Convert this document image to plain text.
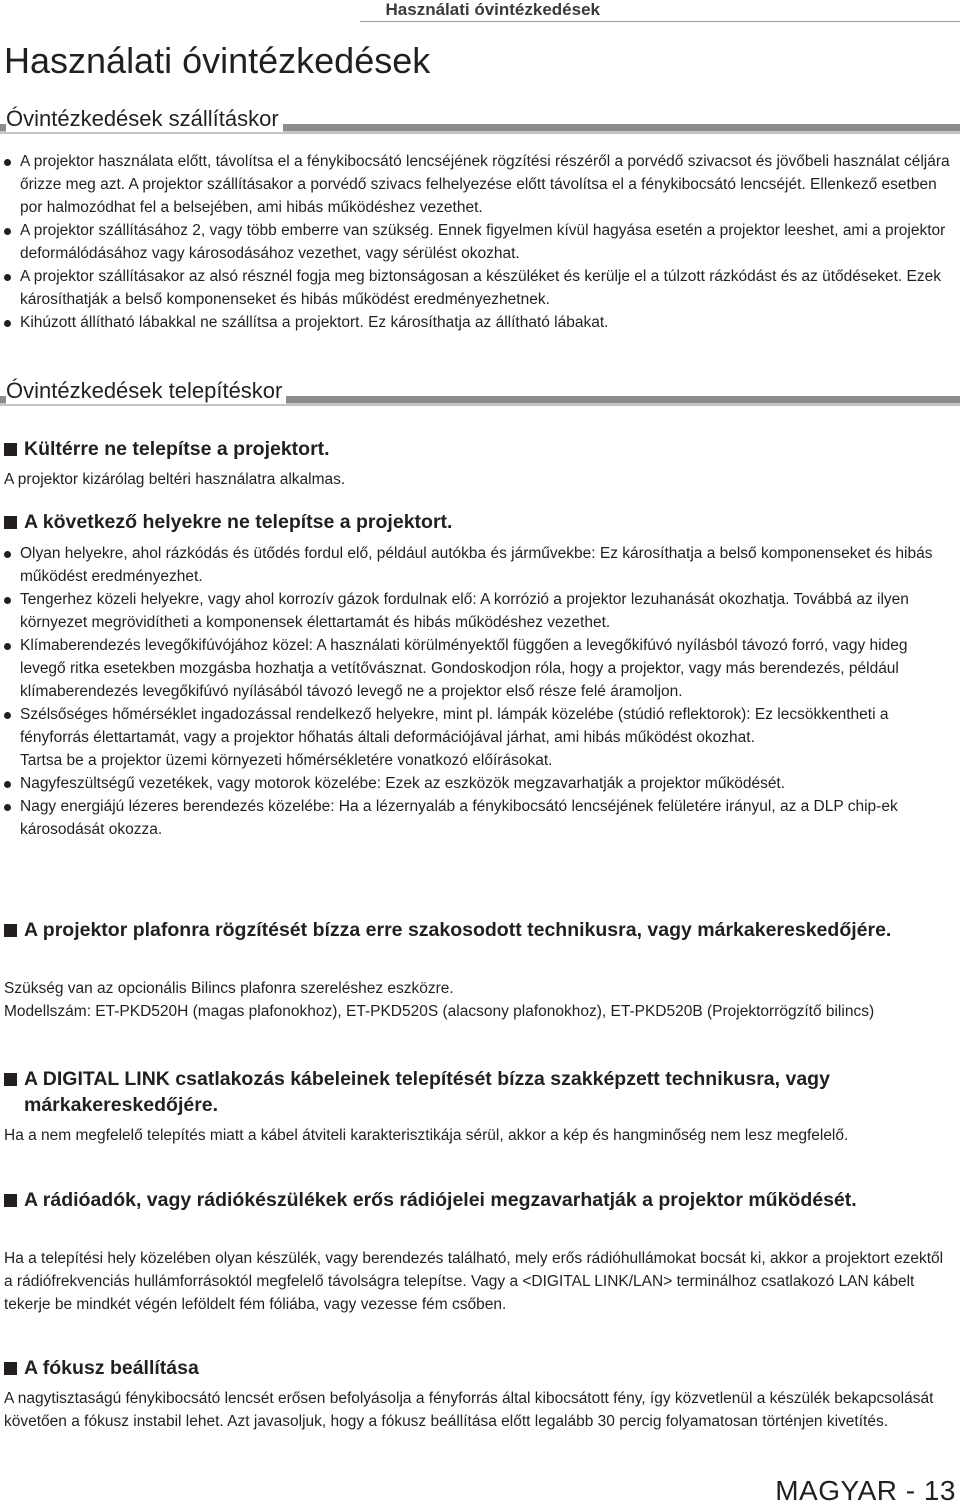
Használati óvintézkedések
Használati óvintézkedések
Óvintézkedések szállításkor
A projektor használata előtt, távolítsa el a fénykibocsátó lencséjének rögzítési részéről a porvédő szivacsot és jövőbeli használat céljára őrizze meg azt. A projektor szállításakor a porvédő szivacs felhelyezése előtt távolítsa el a fénykibocsátó lencséjét. Ellenkező esetben por halmozódhat fel a belsejében, ami hibás működéshez vezethet.
A projektor szállításához 2, vagy több emberre van szükség. Ennek figyelmen kívül hagyása esetén a projektor leeshet, ami a projektor deformálódásához vagy károsodásához vezethet, vagy sérülést okozhat.
A projektor szállításakor az alsó résznél fogja meg biztonságosan a készüléket és kerülje el a túlzott rázkódást és az ütődéseket. Ezek károsíthatják a belső komponenseket és hibás működést eredményezhetnek.
Kihúzott állítható lábakkal ne szállítsa a projektort. Ez károsíthatja az állítható lábakat.
Óvintézkedések telepítéskor
Kültérre ne telepítse a projektort.

A projektor kizárólag beltéri használatra alkalmas.

A következő helyekre ne telepítse a projektort.
Olyan helyekre, ahol rázkódás és ütődés fordul elő, például autókba és járművekbe: Ez károsíthatja a belső komponenseket és hibás működést eredményezhet.
Tengerhez közeli helyekre, vagy ahol korrozív gázok fordulnak elő: A korrózió a projektor lezuhanását okozhatja. Továbbá az ilyen környezet megrövidítheti a komponensek élettartamát és hibás működéshez vezethet.
Klímaberendezés levegőkifúvójához közel: A használati körülményektől függően a levegőkifúvó nyílásból távozó forró, vagy hideg levegő ritka esetekben mozgásba hozhatja a vetítővásznat. Gondoskodjon róla, hogy a projektor, vagy más berendezés, például klímaberendezés levegőkifúvó nyílásából távozó levegő ne a projektor első része felé áramoljon.
Szélsőséges hőmérséklet ingadozással rendelkező helyekre, mint pl. lámpák közelébe (stúdió reflektorok): Ez lecsökkentheti a fényforrás élettartamát, vagy a projektor hőhatás általi deformációjával járhat, ami hibás működést okozhat.
Tartsa be a projektor üzemi környezeti hőmérsékletére vonatkozó előírásokat.
Nagyfeszültségű vezetékek, vagy motorok közelébe: Ezek az eszközök megzavarhatják a projektor működését.
Nagy energiájú lézeres berendezés közelébe: Ha a lézernyaláb a fénykibocsátó lencséjének felületére irányul, az a DLP chip-ek károsodását okozza.
A projektor plafonra rögzítését bízza erre szakosodott technikusra, vagy márkakereskedőjére.

Szükség van az opcionális Bilincs plafonra szereléshez eszközre.

Modellszám: ET-PKD520H (magas plafonokhoz), ET-PKD520S (alacsony plafonokhoz), ET-PKD520B (Projektorrögzítő bilincs)

A DIGITAL LINK csatlakozás kábeleinek telepítését bízza szakképzett technikusra, vagy márkakereskedőjére.

Ha a nem megfelelő telepítés miatt a kábel átviteli karakterisztikája sérül, akkor a kép és hangminőség nem lesz megfelelő.

A rádióadók, vagy rádiókészülékek erős rádiójelei megzavarhatják a projektor működését.

Ha a telepítési hely közelében olyan készülék, vagy berendezés található, mely erős rádióhullámokat bocsát ki, akkor a projektort ezektől a rádiófrekvenciás hullámforrásoktól megfelelő távolságra telepítse. Vagy a <DIGITAL LINK/LAN> terminálhoz csatlakozó LAN kábelt tekerje be mindkét végén leföldelt fém fóliába, vagy vezesse fém csőben.

A fókusz beállítása

A nagytisztaságú fénykibocsátó lencsét erősen befolyásolja a fényforrás által kibocsátott fény, így közvetlenül a készülék bekapcsolását követően a fókusz instabil lehet. Azt javasoljuk, hogy a fókusz beállítása előtt legalább 30 percig folyamatosan történjen kivetítés.

MAGYAR - 13
